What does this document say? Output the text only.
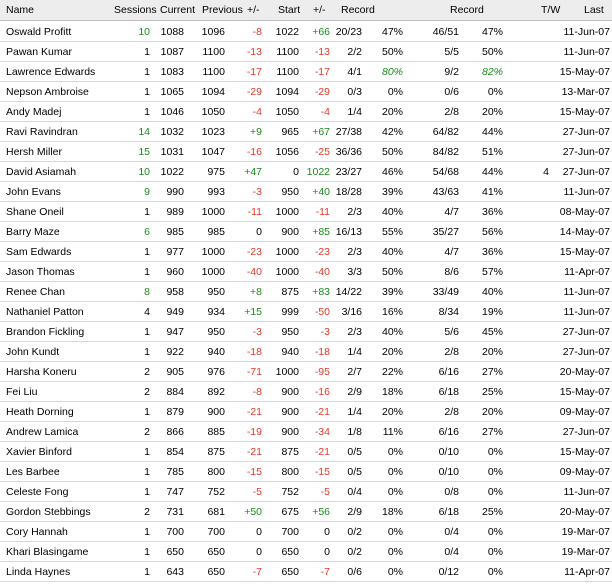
Name	Sessions Current Previous +/- Start +/- Record	Record	T/W Last
Oswald Profitt	10 1088 1096	-8 1022 +66 20/23 47%	46/51 47%	11-Jun-07
Pawan Kumar	1 1087 1100 -13 1100 -13 2/2 50%	5/5 50%	11-Jun-07
Lawrence Edwards	1 1083 1100 -17 1100 -17 4/1 80%	9/2 82%	15-May-07
Nepson Ambroise	1 1065 1094 -29 1094 -29 0/3 0%	0/6	0%	13-Mar-07
Andy Madej	1 1046 1050	-4 1050 -4 1/4 20%	2/8 20%	15-May-07
Ravi Ravindran	14 1032 1023 +9 965 +67 27/38 42%	64/82 44%	27-Jun-07
Hersh Miller	15 1031 1047 -16 1056 -25 36/36 50%	84/82 51%	27-Jun-07
David Asiamah	10 1022 975 +47	0 1022 23/27 46%	54/68 44%	4 27-Jun-07
John Evans	9 990 993	-3 950 +40 18/28 39%	43/63 41%	11-Jun-07
Shane Oneil	1 989 1000 -11 1000 -11 2/3 40%	4/7 36%	08-May-07
Barry Maze	6 985 985	0 900 +85 16/13 55%	35/27 56%	14-May-07
Sam Edwards	1 977 1000 -23 1000 -23 2/3 40%	4/7 36%	15-May-07
Jason Thomas	1 960 1000 -40 1000 -40 3/3 50%	8/6 57%	11-Apr-07
Renee Chan	8 958 950 +8 875 +83 14/22 39%	33/49 40%	11-Jun-07
Nathaniel Patton	4 949 934 +15 999 -50 3/16 16%	8/34 19%	11-Jun-07
Brandon Fickling	1 947 950	-3 950 -3 2/3 40%	5/6 45%	27-Jun-07
John Kundt	1 922 940 -18 940 -18 1/4 20%	2/8 20%	27-Jun-07
Harsha Koneru	2 905 976 -71 1000 -95 2/7 22%	6/16 27%	20-May-07
Fei Liu	2 884 892	-8 900 -16 2/9 18%	6/18 25%	15-May-07
Heath Dorning	1 879 900 -21 900 -21 1/4 20%	2/8 20%	09-May-07
Andrew Lamica	2 866 885 -19 900 -34 1/8 11%	6/16 27%	27-Jun-07
Xavier Binford	1 854 875 -21 875 -21 0/5 0%	0/10	0%	15-May-07
Les Barbee	1 785 800 -15 800 -15 0/5 0%	0/10	0%	09-May-07
Celeste Fong	1 747 752	-5 752 -5 0/4 0%	0/8	0%	11-Jun-07
Gordon Stebbings	2 731 681 +50 675 +56 2/9 18%	6/18 25%	20-May-07
Cory Hannah	1 700 700	0 700 0 0/2 0%	0/4	0%	19-Mar-07
Khari Blasingame	1 650 650	0 650 0 0/2 0%	0/4	0%	19-Mar-07
Linda Haynes	1 643 650	-7 650 -7 0/6 0%	0/12	0%	11-Apr-07
